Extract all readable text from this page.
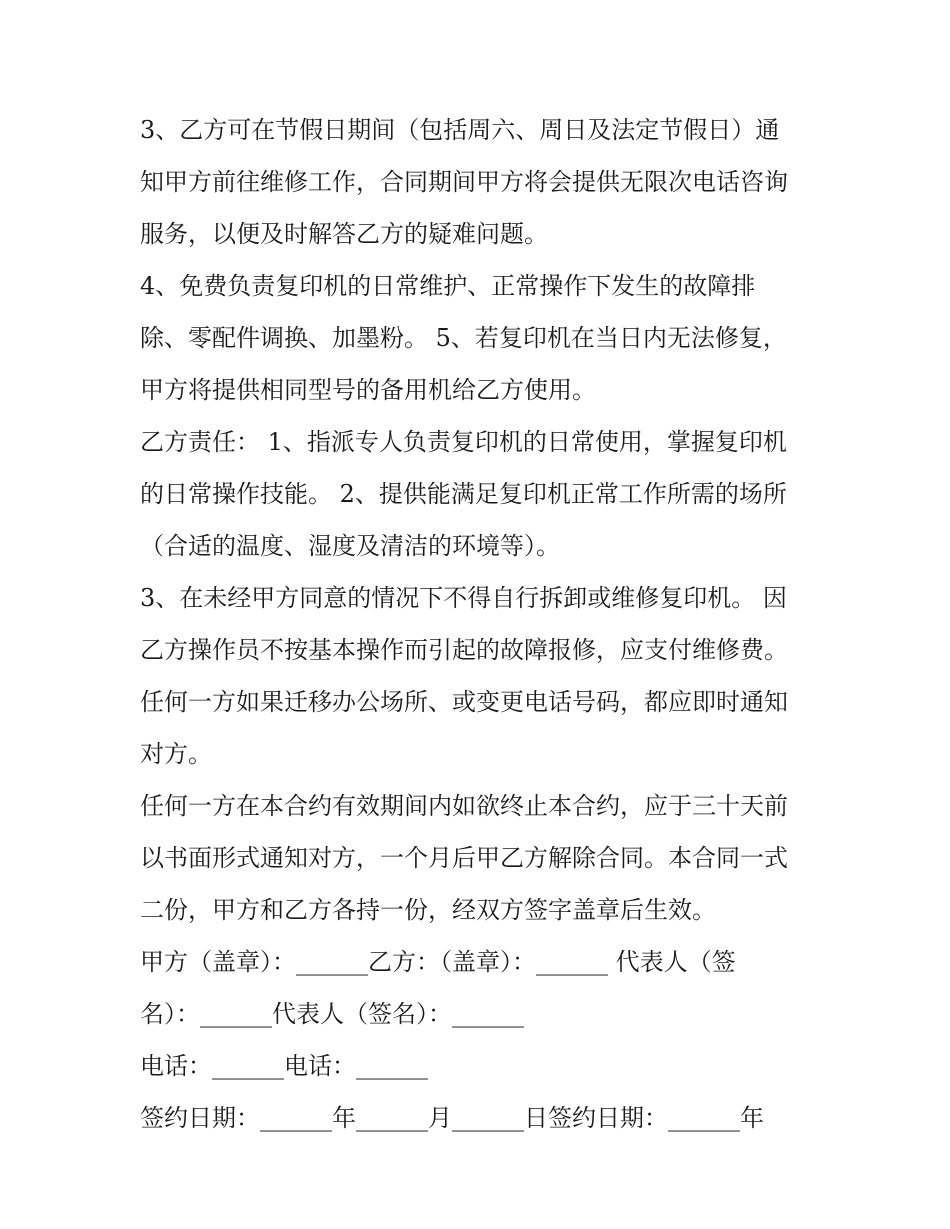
3、乙方可在节假日期间（包括周六、周日及法定节假日）通
知甲方前往维修工作，合同期间甲方将会提供无限次电话咨询
服务，以便及时解答乙方的疑难问题。
4、免费负责复印机的日常维护、正常操作下发生的故障排
除、零配件调换、加墨粉。 5、若复印机在当日内无法修复，
甲方将提供相同型号的备用机给乙方使用。
乙方责任： 1、指派专人负责复印机的日常使用，掌握复印机
的日常操作技能。 2、提供能满足复印机正常工作所需的场所
（合适的温度、湿度及清洁的环境等）。
3、在未经甲方同意的情况下不得自行拆卸或维修复印机。 因
乙方操作员不按基本操作而引起的故障报修，应支付维修费。
任何一方如果迁移办公场所、或变更电话号码，都应即时通知
对方。
任何一方在本合约有效期间内如欲终止本合约，应于三十天前
以书面形式通知对方，一个月后甲乙方解除合同。本合同一式
二份，甲方和乙方各持一份，经双方签字盖章后生效。
甲方（盖章）：______乙方：（盖章）：______ 代表人（签
名）：______代表人（签名）：______
电话：______电话：______
签约日期：______年______月______日签约日期：______年
